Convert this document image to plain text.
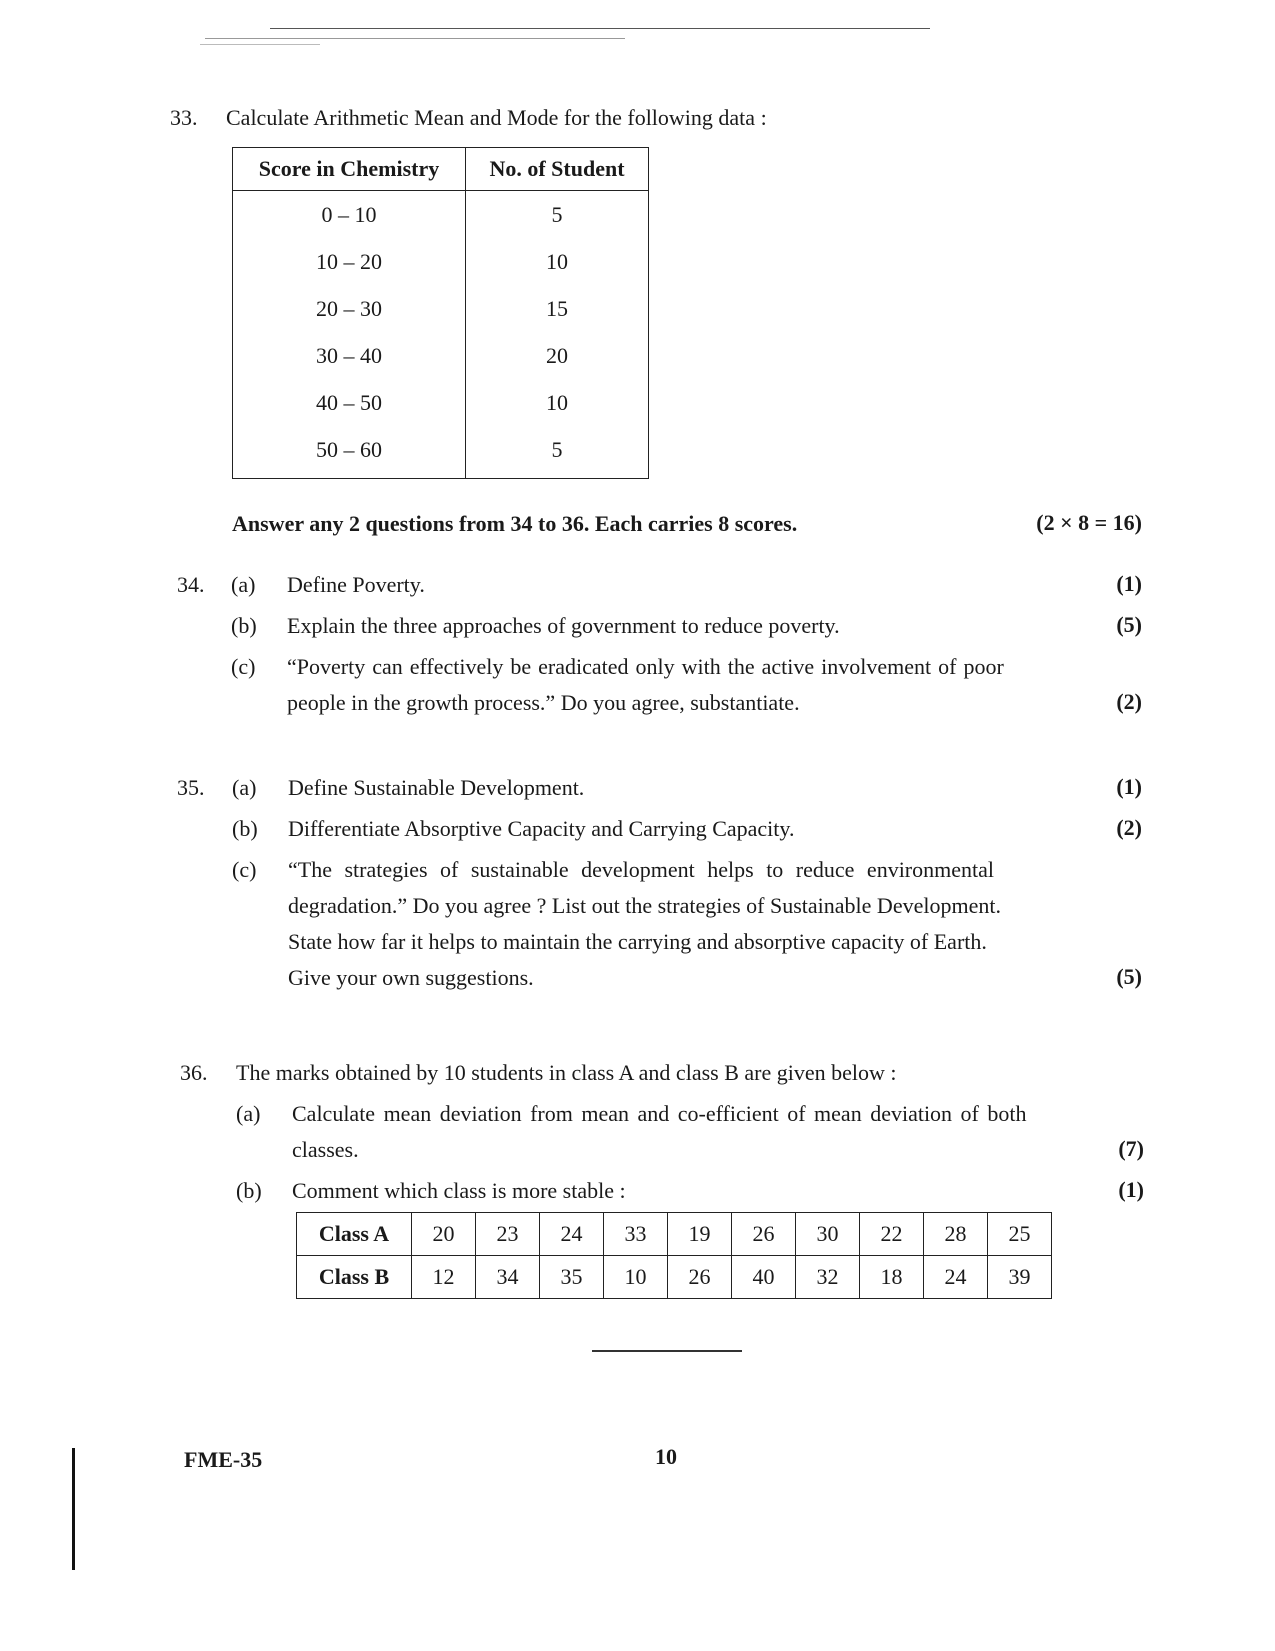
33. Calculate Arithmetic Mean and Mode for the following data :
Score in Chemistry	No. of Student
0 – 10	5
10 – 20	10
20 – 30	15
30 – 40	20
40 – 50	10
50 – 60	5
Answer any 2 questions from 34 to 36. Each carries 8 scores.	(2 × 8 = 16)
34. (a) Define Poverty.	(1)
(b) Explain the three approaches of government to reduce poverty.	(5)
(c) “Poverty can effectively be eradicated only with the active involvement of poor
people in the growth process.” Do you agree, substantiate.	(2)
35. (a) Define Sustainable Development.	(1)
(b) Differentiate Absorptive Capacity and Carrying Capacity.	(2)
(c) “The strategies of sustainable development helps to reduce environmental
degradation.” Do you agree ? List out the strategies of Sustainable Development.
State how far it helps to maintain the carrying and absorptive capacity of Earth.
Give your own suggestions.	(5)
36. The marks obtained by 10 students in class A and class B are given below :
(a) Calculate mean deviation from mean and co-efficient of mean deviation of both
classes.	(7)
(b) Comment which class is more stable :	(1)
Class A	20	23	24	33	19	26	30	22	28	25
Class B	12	34	35	10	26	40	32	18	24	39
FME-35	10
